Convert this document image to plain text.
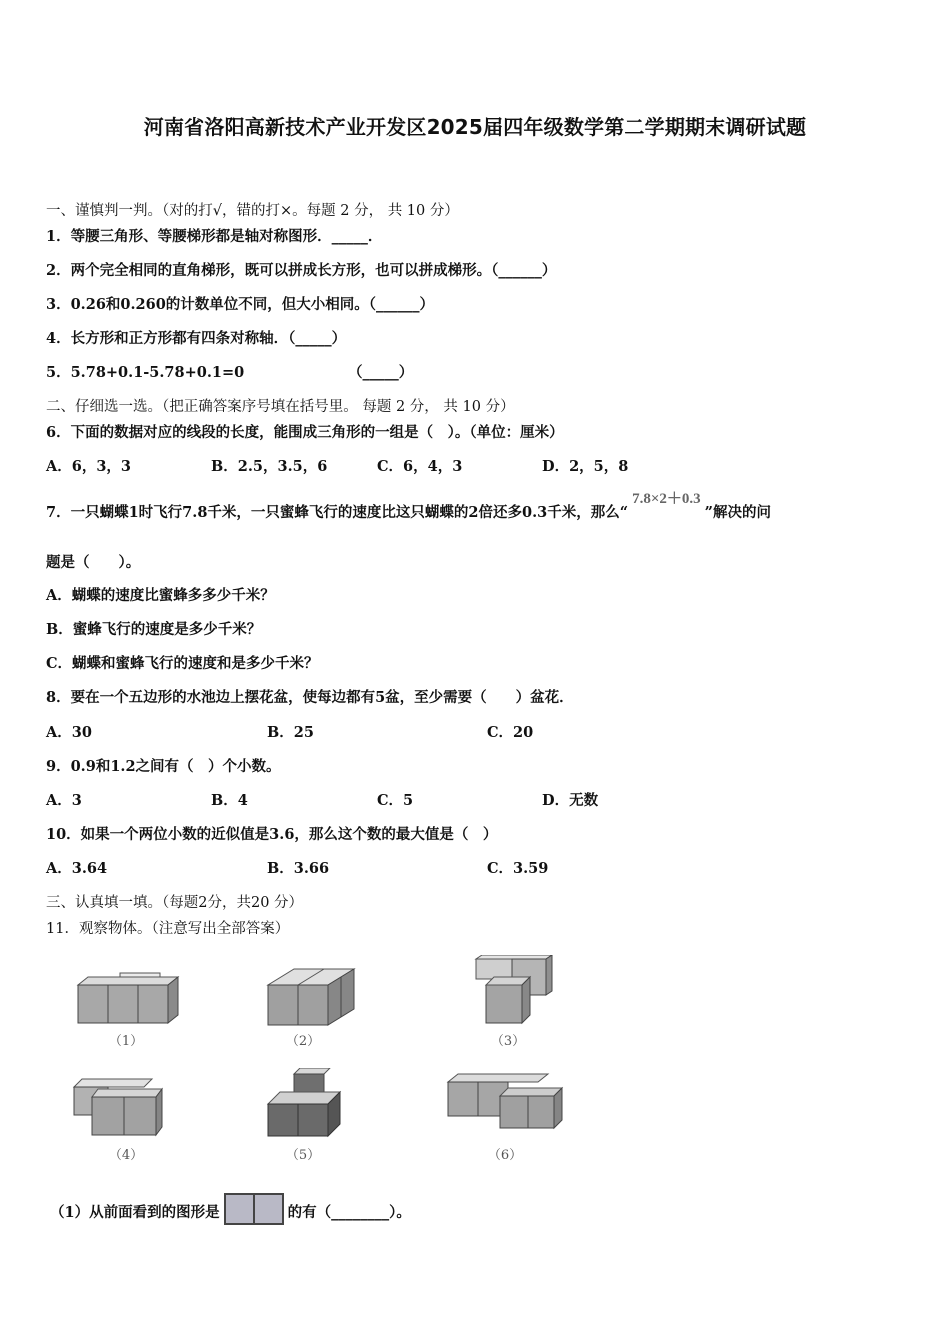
河南省洛阳高新技术产业开发区2025届四年级数学第二学期期末调研试题
一、谨慎判一判。（对的打√，错的打×。每题 2 分， 共 10 分）
1．等腰三角形、等腰梯形都是轴对称图形．_____．
2．两个完全相同的直角梯形，既可以拼成长方形，也可以拼成梯形。（______）
3．0.26和0.260的计数单位不同，但大小相同。（______）
4．长方形和正方形都有四条对称轴．（_____）
5．5.78+0.1-5.78+0.1=0	（_____）
二、仔细选一选。（把正确答案序号填在括号里。 每题 2 分， 共 10 分）
6．下面的数据对应的线段的长度，能围成三角形的一组是（　）。（单位：厘米）
A．6，3，3	B．2.5，3.5，6	C．6，4，3	D．2，5，8
7．一只蝴蝶1时飞行7.8千米，一只蜜蜂飞行的速度比这只蝴蝶的2倍还多0.3千米，那么“7.8×2＋0.3”解决的问
题是（　　）。
A．蝴蝶的速度比蜜蜂多多少千米？
B．蜜蜂飞行的速度是多少千米？
C．蝴蝶和蜜蜂飞行的速度和是多少千米？
8．要在一个五边形的水池边上摆花盆，使每边都有5盆，至少需要（　　）盆花．
A．30	B．25	C．20
9．0.9和1.2之间有（　）个小数。
A．3	B．4	C．5	D．无数
10．如果一个两位小数的近似值是3.6，那么这个数的最大值是（　）
A．3.64	B．3.66	C．3.59
三、认真填一填。（每题2分，共20 分）
11．观察物体。（注意写出全部答案）
（1）	（2）	（3）
（4）	（5）	（6）
（1）从前面看到的图形是	的有（________）。
